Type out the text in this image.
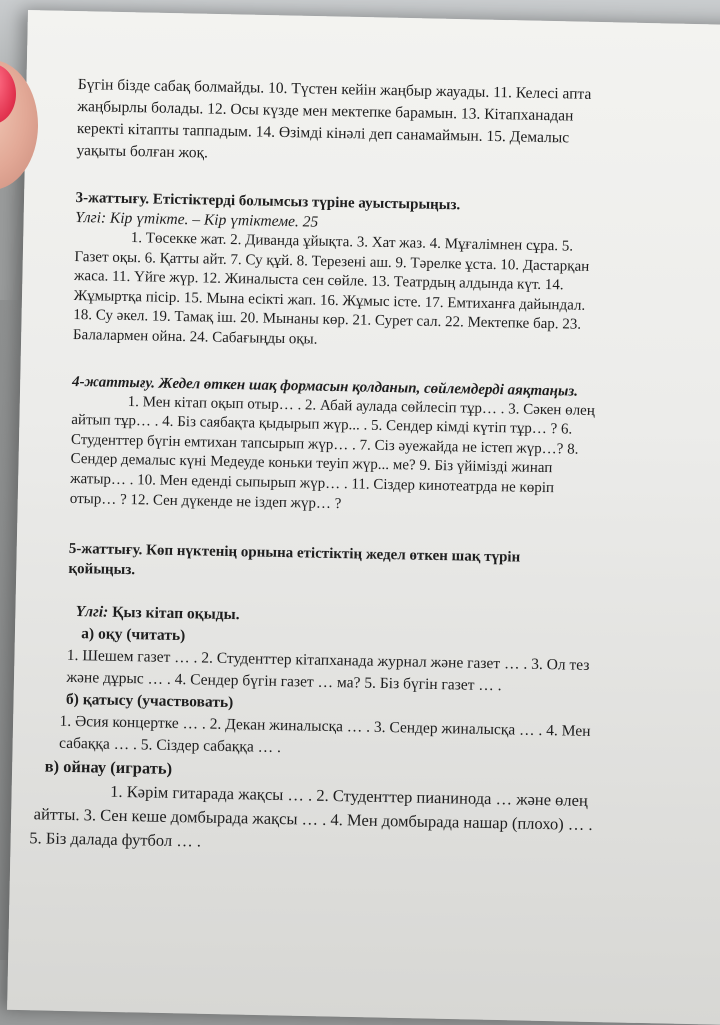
Бүгін бізде сабақ болмайды. 10. Түстен кейін жаңбыр жауады. 11. Келесі апта
жаңбырлы болады. 12. Осы күзде мен мектепке барамын. 13. Кітапханадан
керекті кітапты таппадым. 14. Өзімді кінәлі деп санамаймын. 15. Демалыс
уақыты болған жоқ.
3-жаттығу. Етістіктерді болымсыз түріне ауыстырыңыз.
Үлгі: Кір үтікте. – Кір үтіктеме. 25
1. Төсекке жат. 2. Диванда ұйықта. 3. Хат жаз. 4. Мұғалімнен сұра. 5.
Газет оқы. 6. Қатты айт. 7. Су құй. 8. Терезені аш. 9. Тәрелке ұста. 10. Дастарқан
жаса. 11. Үйге жүр. 12. Жиналыста сен сөйле. 13. Театрдың алдында күт. 14.
Жұмыртқа пісір. 15. Мына есікті жап. 16. Жұмыс істе. 17. Емтиханға дайындал.
18. Су әкел. 19. Тамақ іш. 20. Мынаны көр. 21. Сурет сал. 22. Мектепке бар. 23.
Балалармен ойна. 24. Сабағыңды оқы.
4-жаттығу. Жедел өткен шақ формасын қолданып, сөйлемдерді аяқтаңыз.
1. Мен кітап оқып отыр… . 2. Абай аулада сөйлесіп тұр… . 3. Сәкен өлең
айтып тұр… . 4. Біз саябақта қыдырып жүр... . 5. Сендер кімді күтіп тұр… ? 6.
Студенттер бүгін емтихан тапсырып жүр… . 7. Сіз әуежайда не істеп жүр…? 8.
Сендер демалыс күні Медеуде коньки теуіп жүр... ме? 9. Біз үйімізді жинап
жатыр… . 10. Мен еденді сыпырып жүр… . 11. Сіздер кинотеатрда не көріп
отыр… ? 12. Сен дүкенде не іздеп жүр… ?
5-жаттығу. Көп нүктенің орнына етістіктің жедел өткен шақ түрін
қойыңыз.
Үлгі: Қыз кітап оқыды.
а) оқу (читать)
1. Шешем газет … . 2. Студенттер кітапханада журнал және газет … . 3. Ол тез
және дұрыс … . 4. Сендер бүгін газет … ма? 5. Біз бүгін газет … .
б) қатысу (участвовать)
1. Әсия концертке … . 2. Декан жиналысқа … . 3. Сендер жиналысқа … . 4. Мен
сабаққа … . 5. Сіздер сабаққа … .
в) ойнау (играть)
1. Кәрім гитарада жақсы … . 2. Студенттер пианинода … және өлең
айтты. 3. Сен кеше домбырада жақсы … . 4. Мен домбырада нашар (плохо) … .
5. Біз далада футбол … .
